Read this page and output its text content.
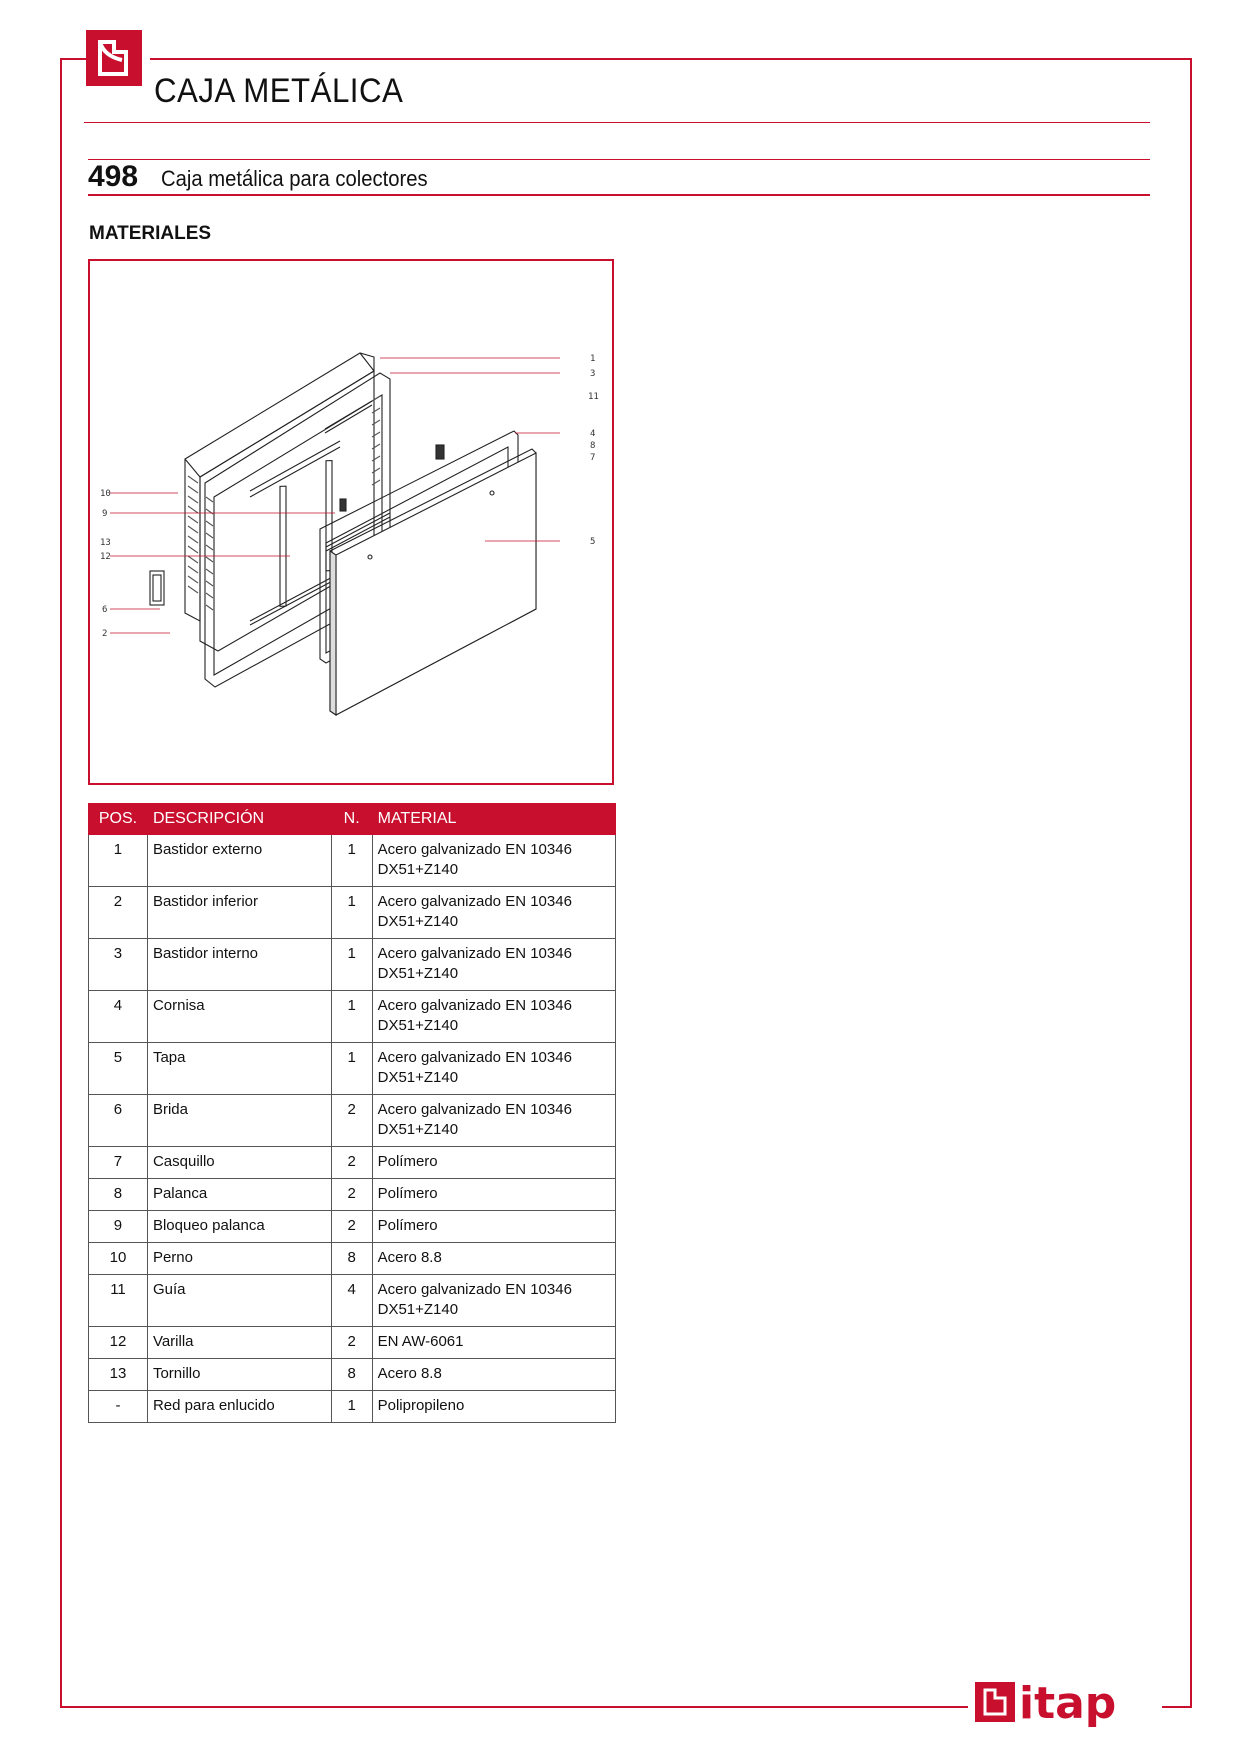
CAJA METÁLICA
498 Caja metálica para colectores
MATERIALES
1
3
11
4
8
7
5
10
9
13
12
6
2
POS.	DESCRIPCIÓN	N.	MATERIAL
1	Bastidor externo	1	Acero galvanizado EN 10346
DX51+Z140
2	Bastidor inferior	1	Acero galvanizado EN 10346
DX51+Z140
3	Bastidor interno	1	Acero galvanizado EN 10346
DX51+Z140
4	Cornisa	1	Acero galvanizado EN 10346
DX51+Z140
5	Tapa	1	Acero galvanizado EN 10346
DX51+Z140
6	Brida	2	Acero galvanizado EN 10346
DX51+Z140
7	Casquillo	2	Polímero
8	Palanca	2	Polímero
9	Bloqueo palanca	2	Polímero
10	Perno	8	Acero 8.8
11	Guía	4	Acero galvanizado EN 10346
DX51+Z140
12	Varilla	2	EN AW-6061
13	Tornillo	8	Acero 8.8
-	Red para enlucido	1	Polipropileno
itap
